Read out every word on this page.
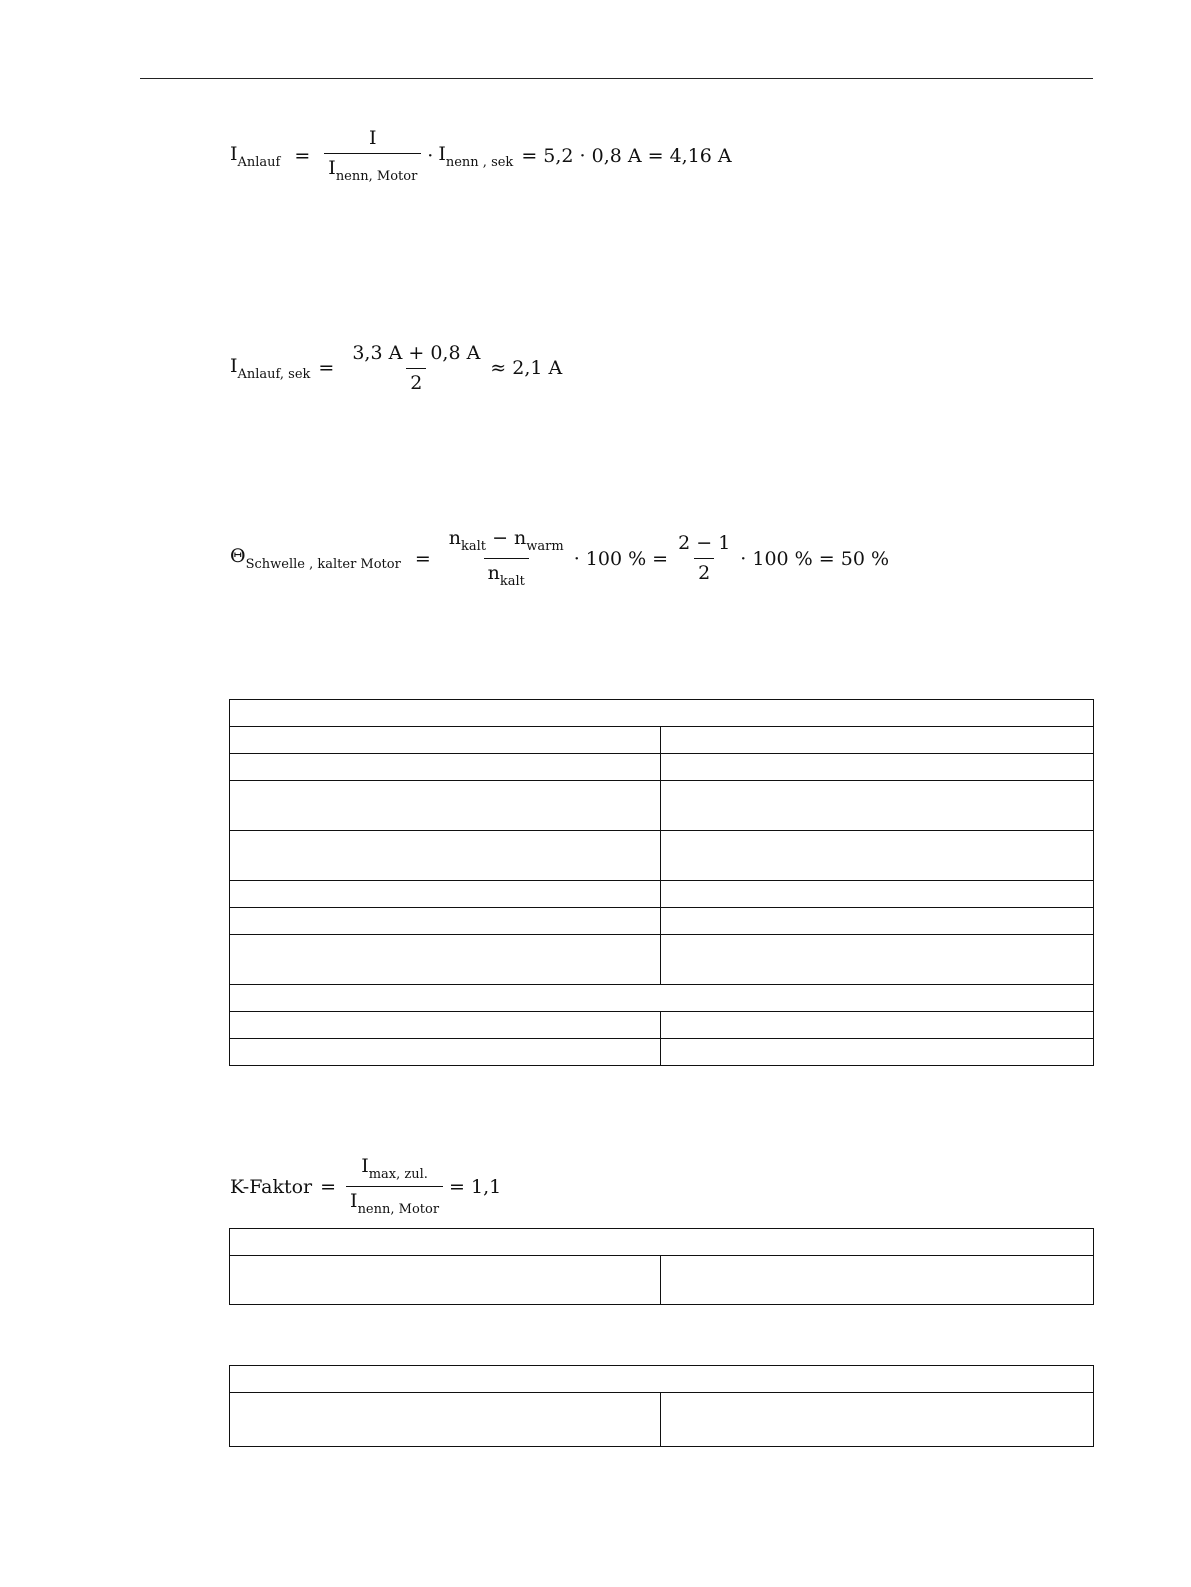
$I_{Anlauf} = \frac{I}{I_{nenn, Motor}} \cdot I_{nenn , sek} = 5,2 \cdot 0,8$ A = 4,16 A
$I_{Anlauf, sek} = \frac{3,3 A + 0,8 A}{2} \approx 2,1$ A
$\Theta_{Schwelle , kalter Motor} = \frac{n_{kalt} - n_{warm}}{n_{kalt}} \cdot 100$ % = $\frac{2 - 1}{2} \cdot 100$ % = 50 %

K-Faktor = $\frac{I_{max, zul.}}{I_{nenn, Motor}} = 1,1$
